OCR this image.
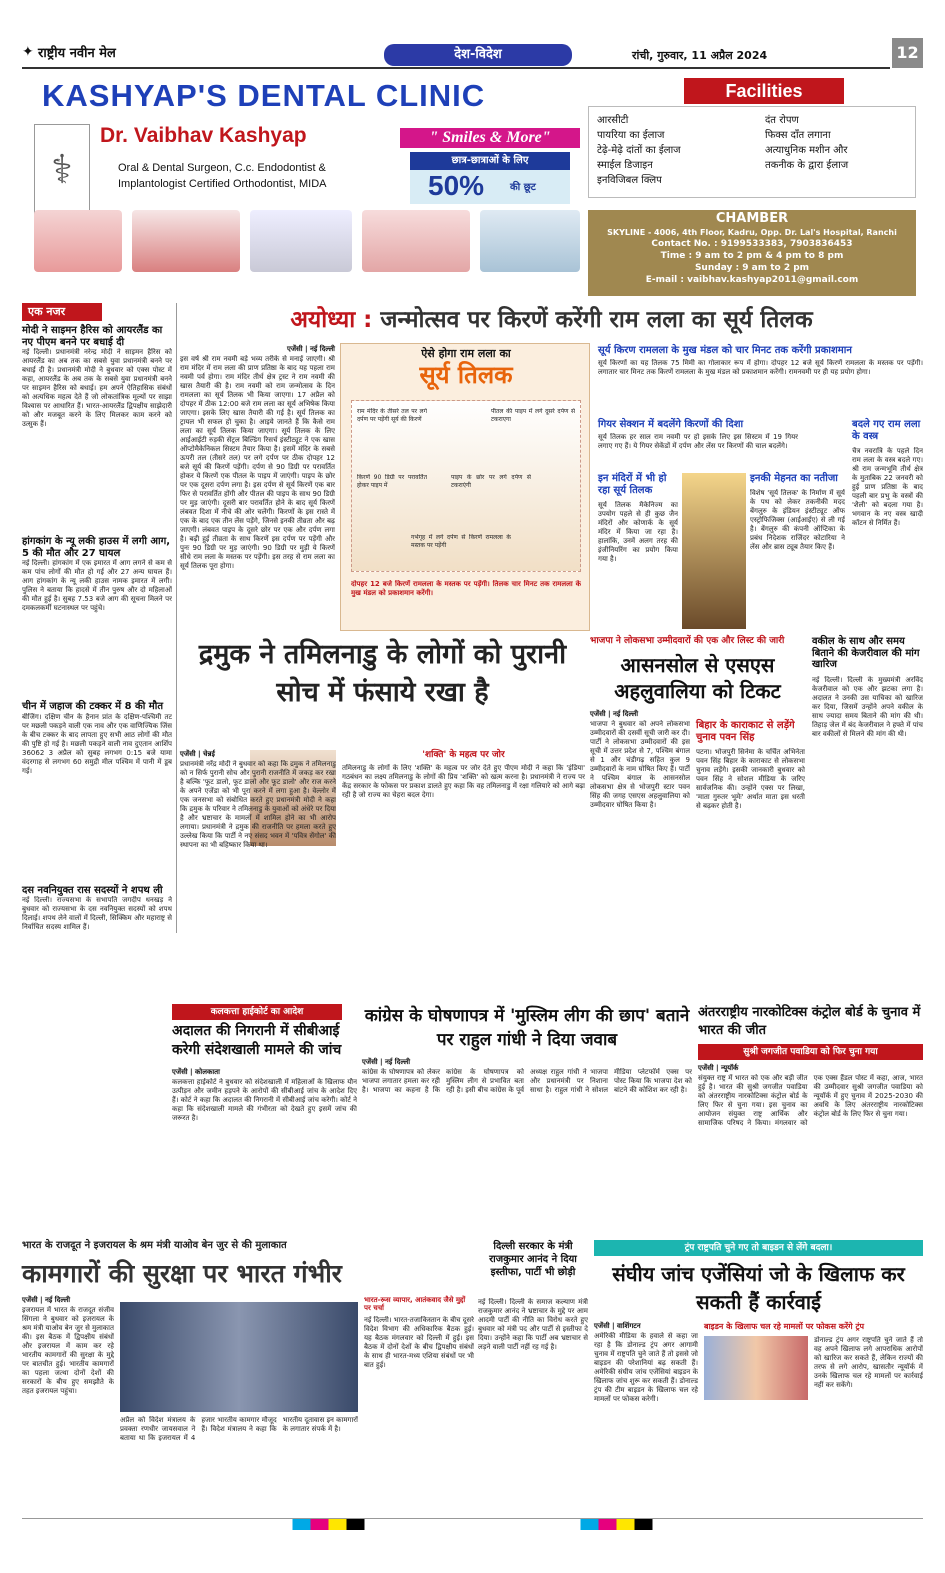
✦ राष्ट्रीय नवीन मेल	देश-विदेश	रांची, गुरुवार, 11 अप्रैल 2024	12
KASHYAP'S DENTAL CLINIC
⚕
Dr. Vaibhav Kashyap	" Smiles & More"
Oral & Dental Surgeon, C.c. Endodontist &
Implantologist Certified Orthodontist, MIDA
छात्र-छात्राओं के लिए
50%	की छूट
Facilities
आरसीटी
पायरिया का ईलाज
टेढ़े-मेढ़े दांतों का ईलाज
स्माईल डिजाइन
इनविजिबल क्लिप
दंत रोपण
फिक्स दाँत लगाना
अत्याधुनिक मशीन और
तकनीक के द्वारा ईलाज
CHAMBER
SKYLINE - 4006, 4th Floor, Kadru, Opp. Dr. Lal's Hospital, Ranchi
Contact No. : 9199533383, 7903836453
Time : 9 am to 2 pm & 4 pm to 8 pm
Sunday : 9 am to 2 pm
E-mail : vaibhav.kashyap2011@gmail.com
एक नजर
मोदी ने साइमन हैरिस को आयरलैंड का नए पीएम बनने पर बधाई दी
नई दिल्ली। प्रधानमंत्री नरेन्द्र मोदी ने साइमन हैरिस को आयरलैंड का अब तक का सबसे युवा प्रधानमंत्री बनने पर बधाई दी है। प्रधानमंत्री मोदी ने बुधवार को एक्स पोस्ट में कहा, आयरलैंड के अब तक के सबसे युवा प्रधानमंत्री बनने पर साइमन हैरिस को बधाई। हम अपने ऐतिहासिक संबंधों को अत्यधिक महत्व देते हैं जो लोकतांत्रिक मूल्यों पर साझा विश्वास पर आधारित हैं। भारत-आयरलैंड द्विपक्षीय साझेदारी को और मजबूत करने के लिए मिलकर काम करने को उत्सुक हैं।
हांगकांग के न्यू लकी हाउस में लगी आग, 5 की मौत और 27 घायल
नई दिल्ली। हांगकांग में एक इमारत में आग लगने से कम से कम पांच लोगों की मौत हो गई और 27 अन्य घायल हैं। आग हांगकांग के न्यू लकी हाउस नामक इमारत में लगी। पुलिस ने बताया कि हादसे में तीन पुरुष और दो महिलाओं की मौत हुई है। सुबह 7.53 बजे आग की सूचना मिलने पर दमकलकर्मी घटनास्थल पर पहुंचे।
चीन में जहाज की टक्कर में 8 की मौत
बीजिंग। दक्षिण चीन के हैनान प्रांत के दक्षिण-पश्चिमी तट पर मछली पकड़ने वाली एक नाव और एक वाणिज्यिक जिंस के बीच टक्कर के बाद लापता हुए सभी आठ लोगों की मौत की पुष्टि हो गई है। मछली पकड़ने वाली नाव दुएतान आर्शिप 36062 3 अप्रैल को सुबह लगभग 0:15 बजे यामा वंदरगाह से लगभग 60 समुद्री मील पश्चिम में पानी में डूब गई।
दस नवनियुक्त रास सदस्यों ने शपथ ली
नई दिल्ली। राज्यसभा के सभापति जगदीप धनखड़ ने बुधवार को राज्यसभा के दस नवनियुक्त सदस्यों को शपथ दिलाई। शपथ लेने वालों में दिल्ली, सिक्किम और महाराष्ट्र से निर्वाचित सदस्य शामिल हैं।
अयोध्या : जन्मोत्सव पर किरणें करेंगी राम लला का सूर्य तिलक
एजेंसी | नई दिल्ली
इस वर्ष श्री राम नवमी बड़े भव्य तरीके से मनाई जाएगी। श्री राम मंदिर में राम लला की प्राण प्रतिष्ठा के बाद यह पहला राम नवमी पर्व होगा। राम मंदिर तीर्थ क्षेत्र ट्रस्ट ने राम नवमी की खास तैयारी की है। राम नवमी को राम जन्मोत्सव के दिन रामलला का सूर्य तिलक भी किया जाएगा। 17 अप्रैल को दोपहर में ठीक 12:00 बजे राम लला का सूर्य अभिषेक किया जाएगा। इसके लिए खास तैयारी की गई है। सूर्य तिलक का ट्रायल भी सफल हो चुका है। आइये जानते हैं कि कैसे राम लला का सूर्य तिलक किया जाएगा। सूर्य तिलक के लिए आईआईटी रुड़की सेंट्रल बिल्डिंग रिसर्च इंस्टीट्यूट ने एक खास ऑप्टोमैकेनिकल सिस्टम तैयार किया है। इसमें मंदिर के सबसे ऊपरी तल (तीसरे तल) पर लगे दर्पण पर ठीक दोपहर 12 बजे सूर्य की किरणें पड़ेंगी। दर्पण से 90 डिग्री पर परावर्तित होकर ये किरणें एक पीतल के पाइप में जाएंगी। पाइप के छोर पर एक दूसरा दर्पण लगा है। इस दर्पण से सूर्य किरणें एक बार फिर से परावर्तित होंगी और पीतल की पाइप के साथ 90 डिग्री पर मुड़ जाएंगी। दूसरी बार परावर्तित होने के बाद सूर्य किरणें लंबवत दिशा में नीचे की ओर चलेंगी। किरणों के इस रास्ते में एक के बाद एक तीन लेंस पड़ेंगे, जिनसे इनकी तीव्रता और बढ़ जाएगी। लंबवत पाइप के दूसरे छोर पर एक और दर्पण लगा है। बढ़ी हुई तीव्रता के साथ किरणें इस दर्पण पर पड़ेंगी और पुनः 90 डिग्री पर मुड़ जाएंगी। 90 डिग्री पर मुड़ी ये किरणें सीधे राम लला के मस्तक पर पड़ेंगी। इस तरह से राम लला का सूर्य तिलक पूरा होगा।
ऐसे होगा राम लला का
सूर्य तिलक
राम मंदिर के तीसरे तल पर लगे दर्पण पर पड़ेंगी सूर्य की किरणें
पीतल की पाइप में लगे दूसरे दर्पण से टकराएगा
किरणें 90 डिग्री पर परावर्तित होकर पाइप में
पाइप के छोर पर लगे दर्पण से टकराएंगी
गर्भगृह में लगे दर्पण से किरणें रामलला के मस्तक पर पड़ेंगी
दोपहर 12 बजे किरणें रामलला के मस्तक पर पड़ेंगी। तिलक चार मिनट तक रामलला के मुख मंडल को प्रकाशमान करेंगी।
सूर्य किरण रामलला के मुख मंडल को चार मिनट तक करेंगी प्रकाशमान
सूर्य किरणों का यह तिलक 75 मिमी का गोलाकार रूप में होगा। दोपहर 12 बजे सूर्य किरणें रामलला के मस्तक पर पड़ेंगी। लगातार चार मिनट तक किरणें रामलला के मुख मंडल को प्रकाशमान करेंगी। रामनवमी पर ही यह प्रयोग होगा।
गियर सेक्शन में बदलेंगे किरणों की दिशा
सूर्य तिलक हर साल राम नवमी पर हो इसके लिए इस सिस्टम में 19 गियर लगाए गए हैं। ये गियर सेकेंडों में दर्पण और लेंस पर किरणों की चाल बदलेंगे।
इन मंदिरों में भी हो रहा सूर्य तिलक
सूर्य तिलक मैकेनिज्म का उपयोग पहले से ही कुछ जैन मंदिरों और कोणार्क के सूर्य मंदिर में किया जा रहा है। हालांकि, उनमें अलग तरह की इंजीनियरिंग का प्रयोग किया गया है।
इनकी मेहनत का नतीजा
विशेष 'सूर्य तिलक' के निर्माण में सूर्य के पथ को लेकर तकनीकी मदद बेंगलुरु के इंडियन इंस्टीट्यूट ऑफ एस्ट्रोफिजिक्स (आईआईए) से ली गई है। बेंगलुरु की कंपनी ऑप्टिका के प्रबंध निदेशक राजिंदर कोटारिया ने लेंस और ब्रास ट्यूब तैयार किए हैं।
बदले गए राम लला के वस्त्र
चैत्र नवरात्रि के पहले दिन राम लला के वस्त्र बदले गए। श्री राम जन्मभूमि तीर्थ क्षेत्र के मुताबिक 22 जनवरी को हुई प्राण प्रतिष्ठा के बाद पहली बार प्रभु के वस्त्रों की 'शैली' को बदला गया है। भगवान के नए वस्त्र खादी कॉटन से निर्मित हैं।
द्रमुक ने तमिलनाडु के लोगों को पुरानी सोच में फंसाये रखा है
एजेंसी | चेन्नई
प्रधानमंत्री नरेंद्र मोदी ने बुधवार को कहा कि द्रमुक ने तमिलनाडु को न सिर्फ पुरानी सोच और पुरानी राजनीति में जकड़ कर रखा है बल्कि 'फूट डालो, फूट डालो और फूट डालो' और राज करने के अपने एजेंडा को भी पूरा करने में लगा हुआ है। वेल्लोर में एक जनसभा को संबोधित करते हुए प्रधानमंत्री मोदी ने कहा कि द्रमुक के परिवार ने तमिलनाडु के युवाओं को अंधेरे पर दिया है और भ्रष्टाचार के मामलों में शामिल होने का भी आरोप लगाया। प्रधानमंत्री ने द्रमुक की राजनीति पर हमला करते हुए उल्लेख किया कि पार्टी ने नए संसद भवन में 'पवित्र सेंगोल' की स्थापना का भी बहिष्कार किया था।
'शक्ति' के महत्व पर जोर
तमिलनाडु के लोगों के लिए 'शक्ति' के महत्व पर जोर देते हुए पीएम मोदी ने कहा कि 'इंडिया' गठबंधन का लक्ष्य तमिलनाडु के लोगों की प्रिय 'शक्ति' को खत्म करना है। प्रधानमंत्री ने राज्य पर केंद्र सरकार के फोकस पर प्रकाश डालते हुए कहा कि वह तमिलनाडु में रक्षा गलियारे को आगे बढ़ा रही है जो राज्य का चेहरा बदल देगा।
भाजपा ने लोकसभा उम्मीदवारों की एक और लिस्ट की जारी
आसनसोल से एसएस अहलुवालिया को टिकट
एजेंसी | नई दिल्ली
भाजपा ने बुधवार को अपने लोकसभा उम्मीदवारों की दसवीं सूची जारी कर दी। पार्टी ने लोकसभा उम्मीदवारों की इस सूची में उत्तर प्रदेश से 7, पश्चिम बंगाल से 1 और चंडीगढ़ सहित कुल 9 उम्मीदवारों के नाम घोषित किए हैं। पार्टी ने पश्चिम बंगाल के आसनसोल लोकसभा क्षेत्र से भोजपुरी स्टार पवन सिंह की जगह एसएस अहलुवालिया को उम्मीदवार घोषित किया है।
बिहार के काराकाट से लड़ेंगे चुनाव पवन सिंह
पटना। भोजपुरी सिनेमा के चर्चित अभिनेता पवन सिंह बिहार के काराकाट से लोकसभा चुनाव लड़ेंगे। इसकी जानकारी बुधवार को पवन सिंह ने सोशल मीडिया के जरिए सार्वजनिक की। उन्होंने एक्स पर लिखा, 'माता गुरुतर भूमेः' अर्थात माता इस धरती से बढ़कर होती है।
वकील के साथ और समय बिताने की केजरीवाल की मांग खारिज
नई दिल्ली। दिल्ली के मुख्यमंत्री अरविंद केजरीवाल को एक और झटका लगा है। अदालत ने उनकी उस याचिका को खारिज कर दिया, जिसमें उन्होंने अपने वकील के साथ ज्यादा समय बिताने की मांग की थी। तिहाड़ जेल में बंद केजरीवाल ने हफ्ते में पांच बार वकीलों से मिलने की मांग की थी।
कलकत्ता हाईकोर्ट का आदेश
अदालत की निगरानी में सीबीआई करेगी संदेशखाली मामले की जांच
एजेंसी | कोलकाता
कलकत्ता हाईकोर्ट ने बुधवार को संदेशखाली में महिलाओं के खिलाफ यौन उत्पीड़न और जमीन हड़पने के आरोपों की सीबीआई जांच के आदेश दिए हैं। कोर्ट ने कहा कि अदालत की निगरानी में सीबीआई जांच करेगी। कोर्ट ने कहा कि संदेशखाली मामले की गंभीरता को देखते हुए इसमें जांच की जरूरत है।
कांग्रेस के घोषणापत्र में 'मुस्लिम लीग की छाप' बताने पर राहुल गांधी ने दिया जवाब
एजेंसी | नई दिल्ली
कांग्रेस के घोषणापत्र को लेकर भाजपा लगातार हमला कर रही है। भाजपा का कहना है कि कांग्रेस के घोषणापत्र को मुस्लिम लीग से प्रभावित बता रही है। इसी बीच कांग्रेस के पूर्व अध्यक्ष राहुल गांधी ने भाजपा और प्रधानमंत्री पर निशाना साधा है। राहुल गांधी ने सोशल मीडिया प्लेटफॉर्म एक्स पर पोस्ट किया कि भाजपा देश को बांटने की कोशिश कर रही है।
अंतरराष्ट्रीय नारकोटिक्स कंट्रोल बोर्ड के चुनाव में भारत की जीत
सुश्री जगजीत पवाडिया को फिर चुना गया
एजेंसी | न्यूयॉर्क
संयुक्त राष्ट्र में भारत को एक और बड़ी जीत हुई है। भारत की सुश्री जगजीत पवाडिया को अंतरराष्ट्रीय नारकोटिक्स कंट्रोल बोर्ड के लिए फिर से चुना गया। इस चुनाव का आयोजन संयुक्त राष्ट्र आर्थिक और सामाजिक परिषद ने किया। मंगलवार को एक एक्स हैंडल पोस्ट में कहा, आज, भारत की उम्मीदवार सुश्री जगजीत पवाडिया को न्यूयॉर्क में हुए चुनाव में 2025-2030 की अवधि के लिए अंतरराष्ट्रीय नारकोटिक्स कंट्रोल बोर्ड के लिए फिर से चुना गया।
भारत के राजदूत ने इजरायल के श्रम मंत्री याओव बेन जुर से की मुलाकात
कामगारों की सुरक्षा पर भारत गंभीर
एजेंसी | नई दिल्ली
इजरायल में भारत के राजदूत संजीव सिंगला ने बुधवार को इजरायल के श्रम मंत्री याओव बेन जुर से मुलाकात की। इस बैठक में द्विपक्षीय संबंधों और इजरायल में काम कर रहे भारतीय कामगारों की सुरक्षा के मुद्दे पर बातचीत हुई। भारतीय कामगारों का पहला जत्था दोनों देशों की सरकारों के बीच हुए समझौते के तहत इजरायल पहुंचा।
अप्रैल को विदेश मंत्रालय के प्रवक्ता रणधीर जायसवाल ने बताया था कि इजरायल में 4 हजार भारतीय कामगार मौजूद हैं। विदेश मंत्रालय ने कहा कि भारतीय दूतावास इन कामगारों के लगातार संपर्क में है।
भारत-रूस व्यापार, आतंकवाद जैसे मुद्दों पर चर्चा
नई दिल्ली। भारत-तजाकिस्तान के बीच दूसरे विदेश विभाग की अधिकारिक बैठक हुई। यह बैठक मंगलवार को दिल्ली में हुई। इस बैठक में दोनों देशों के बीच द्विपक्षीय संबंधों के साथ ही भारत-मध्य एशिया संबंधों पर भी बात हुई।
दिल्ली सरकार के मंत्री राजकुमार आनंद ने दिया इस्तीफा, पार्टी भी छोड़ी
नई दिल्ली। दिल्ली के समाज कल्याण मंत्री राजकुमार आनंद ने भ्रष्टाचार के मुद्दे पर आम आदमी पार्टी की नीति का विरोध करते हुए बुधवार को मंत्री पद और पार्टी से इस्तीफा दे दिया। उन्होंने कहा कि पार्टी अब भ्रष्टाचार से लड़ने वाली पार्टी नहीं रह गई है।
ट्रंप राष्ट्रपति चुने गए तो बाइडन से लेंगे बदला।
संघीय जांच एजेंसियां जो के खिलाफ कर सकती हैं कार्रवाई
एजेंसी | वाशिंगटन
अमेरिकी मीडिया के हवाले से कहा जा रहा है कि डोनाल्ड ट्रंप अगर आगामी चुनाव में राष्ट्रपति चुने जाते हैं तो इससे जो बाइडन की परेशानियां बढ़ सकती हैं। अमेरिकी संघीय जांच एजेंसियां बाइडन के खिलाफ जांच शुरू कर सकती हैं। डोनाल्ड ट्रंप की टीम बाइडन के खिलाफ चल रहे मामलों पर फोकस करेगी।
बाइडन के खिलाफ चल रहे मामलों पर फोकस करेंगे ट्रंप
डोनाल्ड ट्रंप अगर राष्ट्रपति चुने जाते हैं तो वह अपने खिलाफ लगे आपराधिक आरोपों को खारिज कर सकते हैं, लेकिन राज्यों की तरफ से लगे आरोप, खासतौर न्यूयॉर्क में उनके खिलाफ चल रहे मामलों पर कार्रवाई नहीं कर सकेंगे।
